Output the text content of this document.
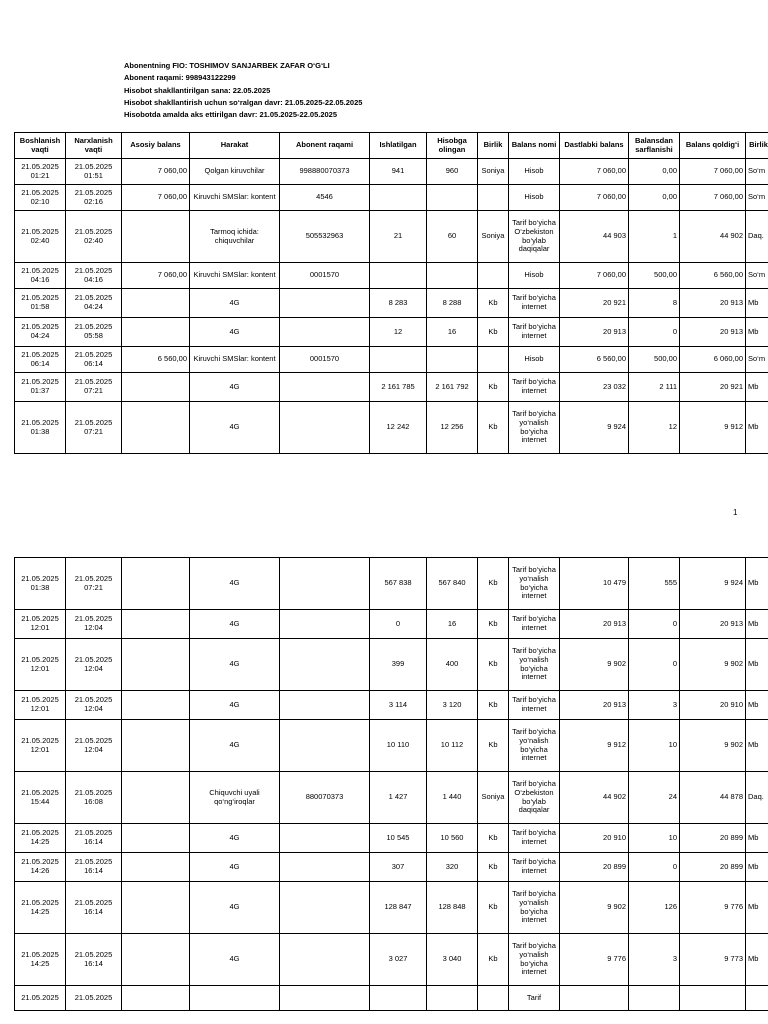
Abonentning FIO: TOSHIMOV SANJARBEK ZAFAR O‘G‘LI
Abonent raqami: 998943122299
Hisobot shakllantirilgan sana: 22.05.2025
Hisobot shakllantirish uchun so‘ralgan davr: 21.05.2025-22.05.2025
Hisobotda amalda aks ettirilgan davr: 21.05.2025-22.05.2025
Boshlanish vaqti	Narxlanish vaqti	Asosiy balans	Harakat	Abonent raqami	Ishlatilgan	Hisobga olingan	Birlik	Balans nomi	Dastlabki balans	Balansdan sarflanishi	Balans qoldig‘i	Birlik
21.05.2025 01:21	21.05.2025 01:51	7 060,00	Qolgan kiruvchilar	998880070373	941	960	Soniya	Hisob	7 060,00	0,00	7 060,00	So‘m
21.05.2025 02:10	21.05.2025 02:16	7 060,00	Kiruvchi SMSlar: kontent	4546				Hisob	7 060,00	0,00	7 060,00	So‘m
21.05.2025 02:40	21.05.2025 02:40		Tarmoq ichida: chiquvchilar	505532963	21	60	Soniya	Tarif bo‘yicha O‘zbekiston bo‘ylab daqiqalar	44 903	1	44 902	Daq.
21.05.2025 04:16	21.05.2025 04:16	7 060,00	Kiruvchi SMSlar: kontent	0001570				Hisob	7 060,00	500,00	6 560,00	So‘m
21.05.2025 01:58	21.05.2025 04:24		4G		8 283	8 288	Kb	Tarif bo‘yicha internet	20 921	8	20 913	Mb
21.05.2025 04:24	21.05.2025 05:58		4G		12	16	Kb	Tarif bo‘yicha internet	20 913	0	20 913	Mb
21.05.2025 06:14	21.05.2025 06:14	6 560,00	Kiruvchi SMSlar: kontent	0001570				Hisob	6 560,00	500,00	6 060,00	So‘m
21.05.2025 01:37	21.05.2025 07:21		4G		2 161 785	2 161 792	Kb	Tarif bo‘yicha internet	23 032	2 111	20 921	Mb
21.05.2025 01:38	21.05.2025 07:21		4G		12 242	12 256	Kb	Tarif bo‘yicha yo‘nalish bo‘yicha internet	9 924	12	9 912	Mb
1
21.05.2025 01:38	21.05.2025 07:21		4G		567 838	567 840	Kb	Tarif bo‘yicha yo‘nalish bo‘yicha internet	10 479	555	9 924	Mb
21.05.2025 12:01	21.05.2025 12:04		4G		0	16	Kb	Tarif bo‘yicha internet	20 913	0	20 913	Mb
21.05.2025 12:01	21.05.2025 12:04		4G		399	400	Kb	Tarif bo‘yicha yo‘nalish bo‘yicha internet	9 902	0	9 902	Mb
21.05.2025 12:01	21.05.2025 12:04		4G		3 114	3 120	Kb	Tarif bo‘yicha internet	20 913	3	20 910	Mb
21.05.2025 12:01	21.05.2025 12:04		4G		10 110	10 112	Kb	Tarif bo‘yicha yo‘nalish bo‘yicha internet	9 912	10	9 902	Mb
21.05.2025 15:44	21.05.2025 16:08		Chiquvchi uyali qo‘ng‘iroqlar	880070373	1 427	1 440	Soniya	Tarif bo‘yicha O‘zbekiston bo‘ylab daqiqalar	44 902	24	44 878	Daq.
21.05.2025 14:25	21.05.2025 16:14		4G		10 545	10 560	Kb	Tarif bo‘yicha internet	20 910	10	20 899	Mb
21.05.2025 14:26	21.05.2025 16:14		4G		307	320	Kb	Tarif bo‘yicha internet	20 899	0	20 899	Mb
21.05.2025 14:25	21.05.2025 16:14		4G		128 847	128 848	Kb	Tarif bo‘yicha yo‘nalish bo‘yicha internet	9 902	126	9 776	Mb
21.05.2025 14:25	21.05.2025 16:14		4G		3 027	3 040	Kb	Tarif bo‘yicha yo‘nalish bo‘yicha internet	9 776	3	9 773	Mb
21.05.2025	21.05.2025							Tarif				
